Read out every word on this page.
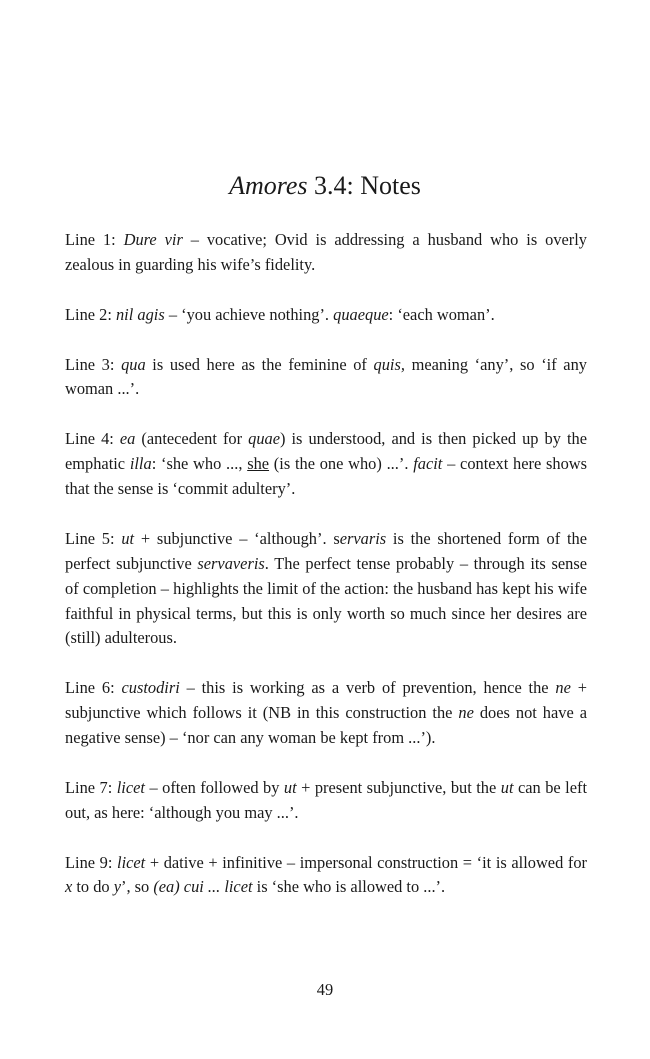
Amores 3.4: Notes

Line 1: Dure vir – vocative; Ovid is addressing a husband who is overly zealous in guarding his wife’s fidelity.

Line 2: nil agis – ‘you achieve nothing’. quaeque: ‘each woman’.

Line 3: qua is used here as the feminine of quis, meaning ‘any’, so ‘if any woman ...’.

Line 4: ea (antecedent for quae) is understood, and is then picked up by the emphatic illa: ‘she who ..., she (is the one who) ...’. facit – context here shows that the sense is ‘commit adultery’.

Line 5: ut + subjunctive – ‘although’. servaris is the shortened form of the perfect subjunctive servaveris. The perfect tense probably – through its sense of completion – highlights the limit of the action: the husband has kept his wife faithful in physical terms, but this is only worth so much since her desires are (still) adulterous.

Line 6: custodiri – this is working as a verb of prevention, hence the ne + subjunctive which follows it (NB in this construction the ne does not have a negative sense) – ‘nor can any woman be kept from ...’).

Line 7: licet – often followed by ut + present subjunctive, but the ut can be left out, as here: ‘although you may ...’.

Line 9: licet + dative + infinitive – impersonal construction = ‘it is allowed for x to do y’, so (ea) cui ... licet is ‘she who is allowed to ...’.

49
